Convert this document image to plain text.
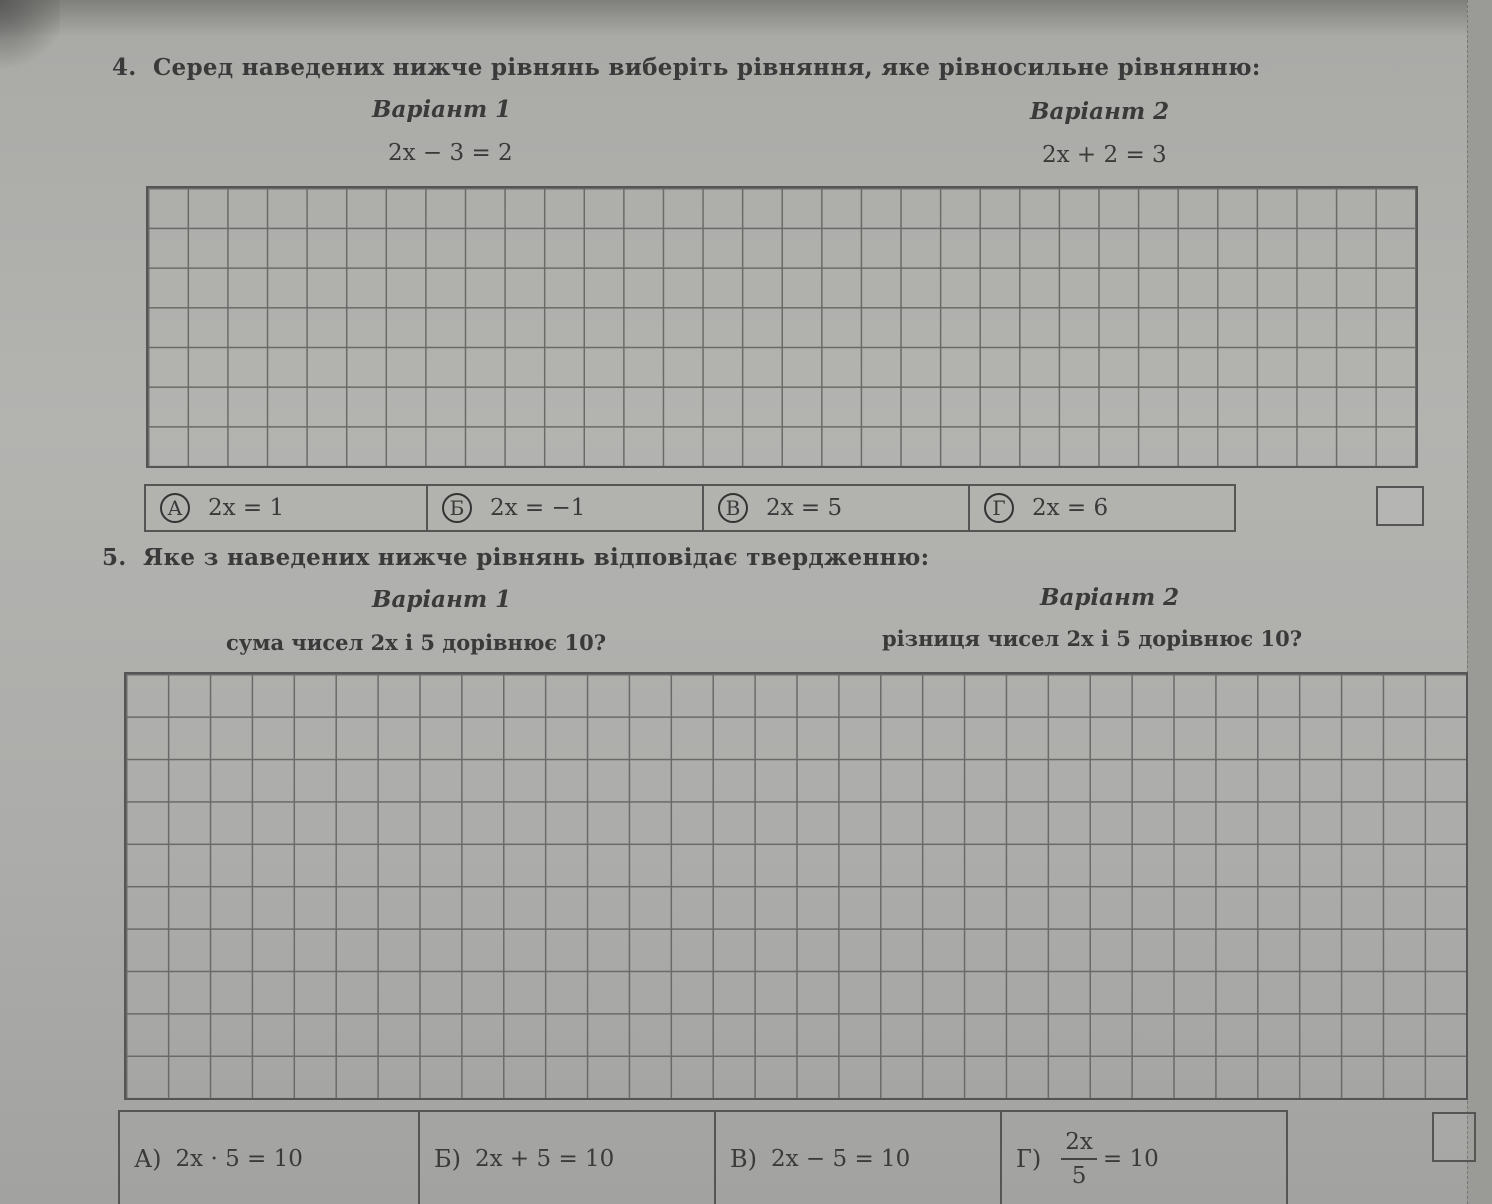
4. Серед наведених нижче рівнянь виберіть рівняння, яке рівносильне рівнянню:
Варіант 1	Варіант 2
2x − 3 = 2	2x + 2 = 3
А	2x = 1	Б	2x = −1	В	2x = 5	Г	2x = 6
5. Яке з наведених нижче рівнянь відповідає твердженню:
Варіант 1	Варіант 2
сума чисел 2x і 5 дорівнює 10?	різниця чисел 2x і 5 дорівнює 10?
А) 2x · 5 = 10	Б) 2x + 5 = 10	В) 2x − 5 = 10	$Г) \frac{2x}{5} = 10$
